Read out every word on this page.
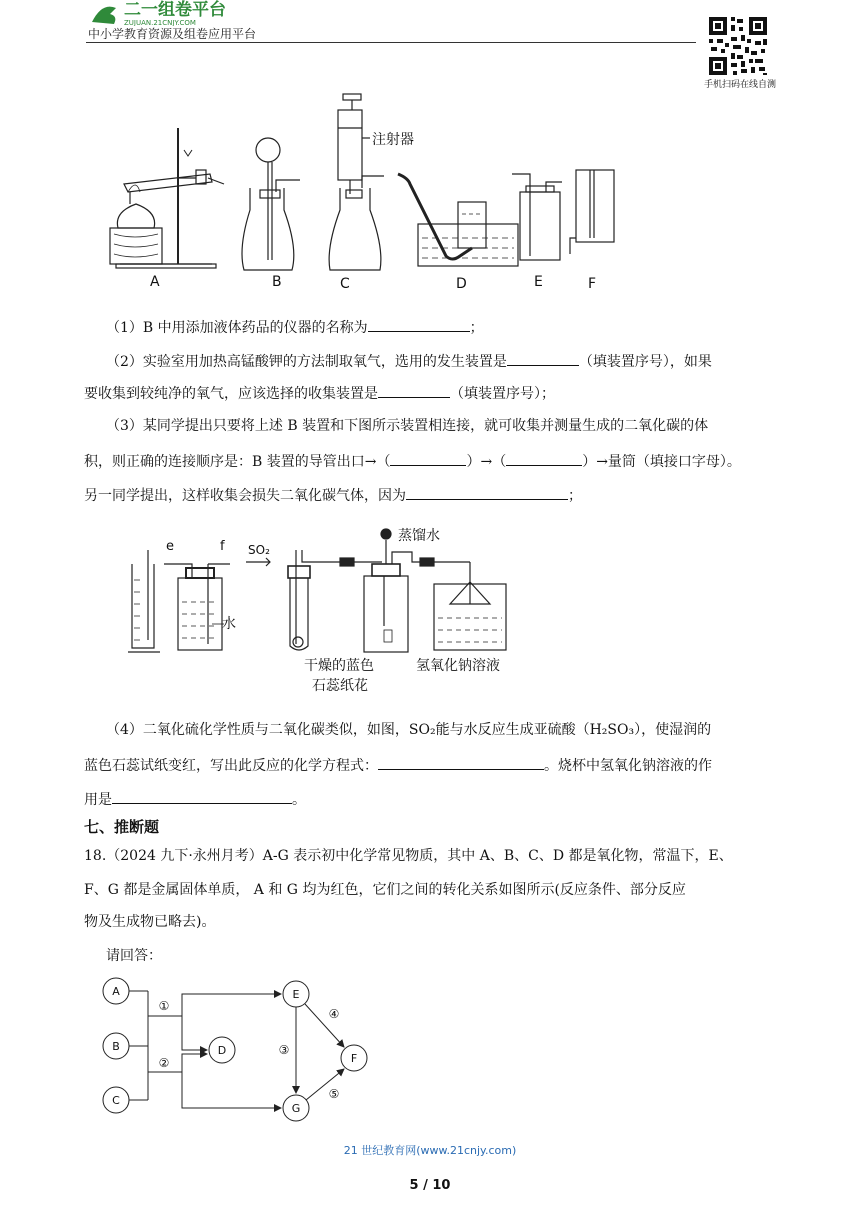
二一组卷平台
ZUJUAN.21CNJY.COM
中小学教育资源及组卷应用平台
手机扫码在线自测
注射器
A	B	C	D	E	F
（1）B 中用添加液体药品的仪器的名称为	；
（2）实验室用加热高锰酸钾的方法制取氧气，选用的发生装置是	（填装置序号），如果
要收集到较纯净的氧气，应该选择的收集装置是	（填装置序号）；
（3）某同学提出只要将上述 B 装置和下图所示装置相连接，就可收集并测量生成的二氧化碳的体
积，则正确的连接顺序是：B 装置的导管出口→（	）→（	）→量筒（填接口字母）。
另一同学提出，这样收集会损失二氧化碳气体，因为	；
e	f
水
SO₂
蒸馏水
干燥的蓝色
石蕊纸花
氢氧化钠溶液
（4）二氧化硫化学性质与二氧化碳类似，如图，SO₂能与水反应生成亚硫酸（H₂SO₃），使湿润的
蓝色石蕊试纸变红，写出此反应的化学方程式：	。烧杯中氢氧化钠溶液的作
用是	。
七、推断题
18.（2024 九下·永州月考）A-G 表示初中化学常见物质，其中 A、B、C、D 都是氧化物，常温下，E、
F、G 都是金属固体单质， A 和 G 均为红色，它们之间的转化关系如图所示(反应条件、部分反应
物及生成物已略去)。
请回答：
A
B
C
D
E
F
G
①
②
③
④
⑤
21 世纪教育网(www.21cnjy.com)
5 / 10
